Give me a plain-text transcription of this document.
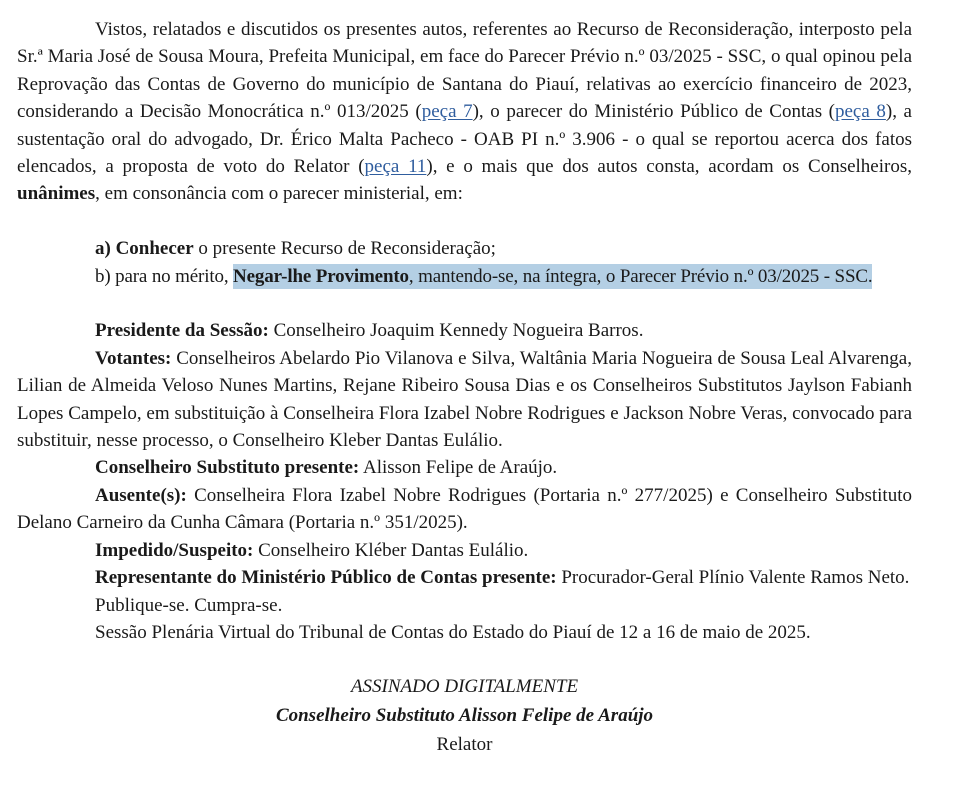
Vistos, relatados e discutidos os presentes autos, referentes ao Recurso de Reconsideração, interposto pela Sr.ª Maria José de Sousa Moura, Prefeita Municipal, em face do Parecer Prévio n.º 03/2025 - SSC, o qual opinou pela Reprovação das Contas de Governo do município de Santana do Piauí, relativas ao exercício financeiro de 2023, considerando a Decisão Monocrática n.º 013/2025 (peça 7), o parecer do Ministério Público de Contas (peça 8), a sustentação oral do advogado, Dr. Érico Malta Pacheco - OAB PI n.º 3.906 - o qual se reportou acerca dos fatos elencados, a proposta de voto do Relator (peça 11), e o mais que dos autos consta, acordam os Conselheiros, unânimes, em consonância com o parecer ministerial, em:

a) Conhecer o presente Recurso de Reconsideração;

b) para no mérito, Negar-lhe Provimento, mantendo-se, na íntegra, o Parecer Prévio n.º 03/2025 - SSC.

Presidente da Sessão: Conselheiro Joaquim Kennedy Nogueira Barros.

Votantes: Conselheiros Abelardo Pio Vilanova e Silva, Waltânia Maria Nogueira de Sousa Leal Alvarenga, Lilian de Almeida Veloso Nunes Martins, Rejane Ribeiro Sousa Dias e os Conselheiros Substitutos Jaylson Fabianh Lopes Campelo, em substituição à Conselheira Flora Izabel Nobre Rodrigues e Jackson Nobre Veras, convocado para substituir, nesse processo, o Conselheiro Kleber Dantas Eulálio.

Conselheiro Substituto presente: Alisson Felipe de Araújo.

Ausente(s): Conselheira Flora Izabel Nobre Rodrigues (Portaria n.º 277/2025) e Conselheiro Substituto Delano Carneiro da Cunha Câmara (Portaria n.º 351/2025).

Impedido/Suspeito: Conselheiro Kléber Dantas Eulálio.

Representante do Ministério Público de Contas presente: Procurador-Geral Plínio Valente Ramos Neto.

Publique-se. Cumpra-se.

Sessão Plenária Virtual do Tribunal de Contas do Estado do Piauí de 12 a 16 de maio de 2025.

ASSINADO DIGITALMENTE

Conselheiro Substituto Alisson Felipe de Araújo

Relator
